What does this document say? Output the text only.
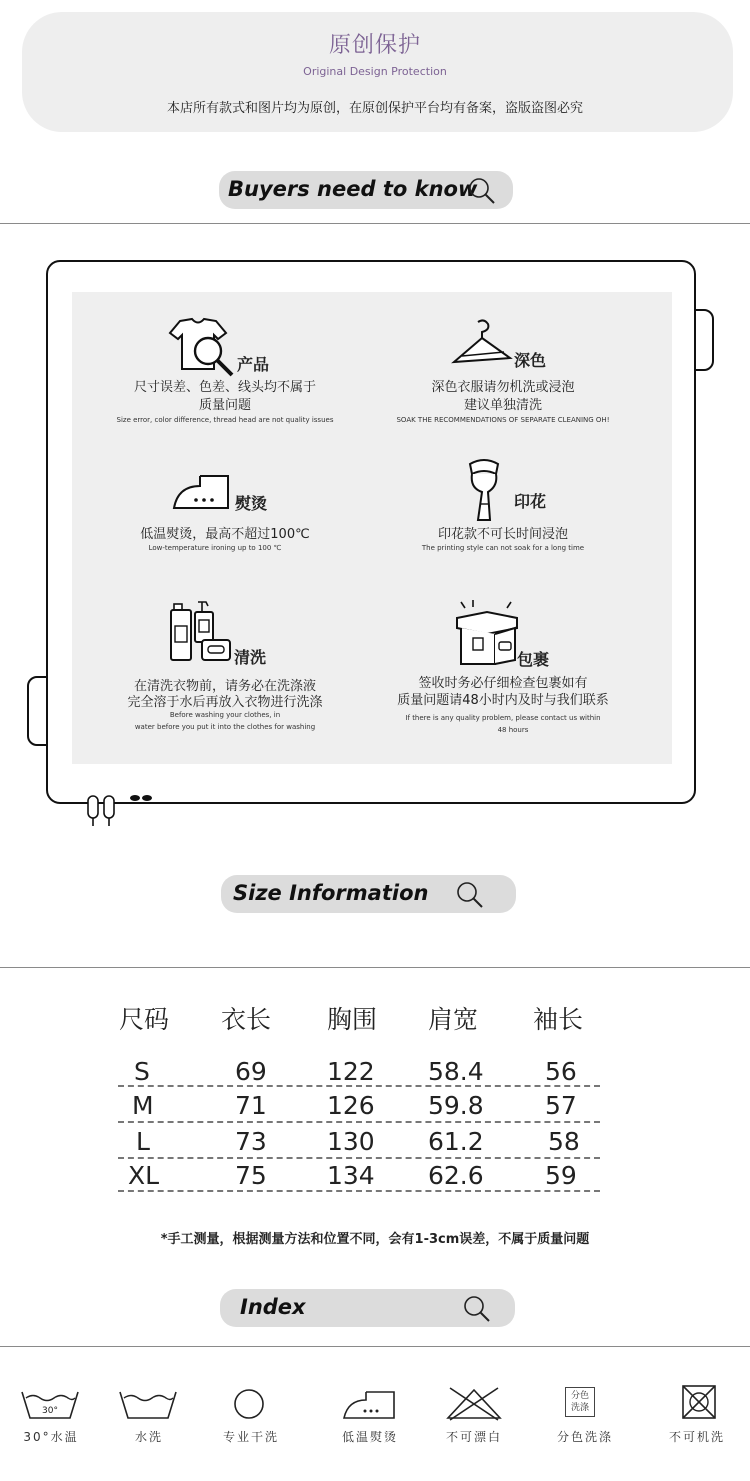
原创保护
Original Design Protection
本店所有款式和图片均为原创，在原创保护平台均有备案，盗版盗图必究
Buyers need to know
产品
尺寸误差、色差、线头均不属于
质量问题
Size error, color difference, thread head are not quality issues
深色
深色衣服请勿机洗或浸泡
建议单独清洗
SOAK THE RECOMMENDATIONS OF SEPARATE CLEANING OH!
熨烫
低温熨烫，最高不超过100℃
Low-temperature ironing up to 100 ℃
印花
印花款不可长时间浸泡
The printing style can not soak for a long time
清洗
在清洗衣物前，请务必在洗涤液
完全溶于水后再放入衣物进行洗涤
Before washing your clothes, in
water before you put it into the clothes for washing
包裹
签收时务必仔细检查包裹如有
质量问题请48小时内及时与我们联系
If there is any quality problem, please contact us within
48 hours
Size Information
尺码 衣长 胸围 肩宽 袖长
S	69 122 58.4 56
M	71 126 59.8 57
L	73 130 61.2	58
XL	75 134 62.6 59
*手工测量，根据测量方法和位置不同，会有1-3cm误差，不属于质量问题
Index
30°
30°水温	水洗	专业干洗	低温熨烫	不可漂白
分色
洗涤
分色洗涤	不可机洗
